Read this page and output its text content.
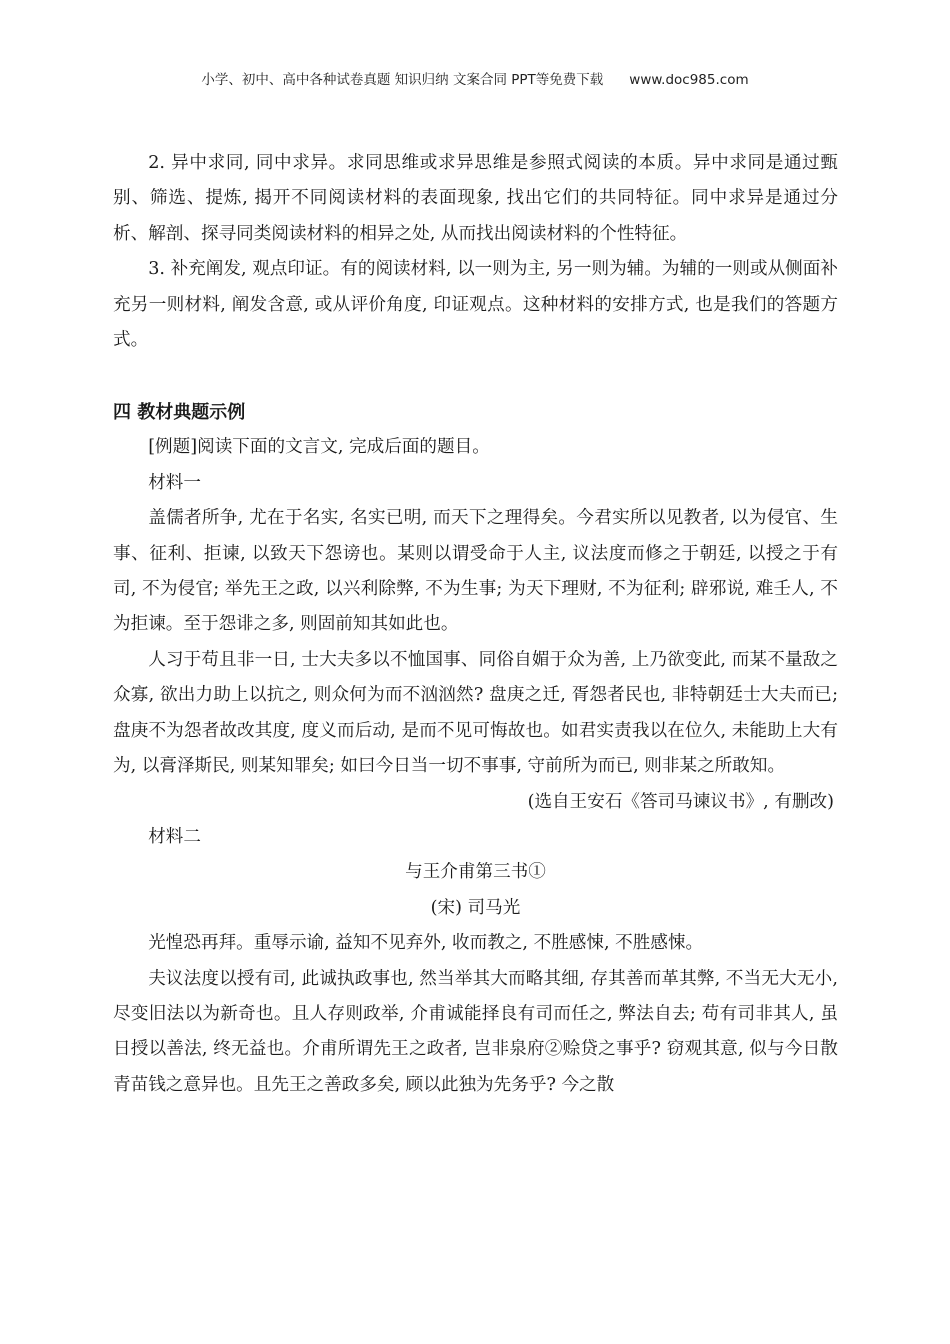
小学、初中、高中各种试卷真题 知识归纳 文案合同 PPT等免费下载 www.doc985.com

2. 异中求同, 同中求异。求同思维或求异思维是参照式阅读的本质。异中求同是通过甄别、筛选、提炼, 揭开不同阅读材料的表面现象, 找出它们的共同特征。同中求异是通过分析、解剖、探寻同类阅读材料的相异之处, 从而找出阅读材料的个性特征。

3. 补充阐发, 观点印证。有的阅读材料, 以一则为主, 另一则为辅。为辅的一则或从侧面补充另一则材料, 阐发含意, 或从评价角度, 印证观点。这种材料的安排方式, 也是我们的答题方式。

四 教材典题示例

[例题]阅读下面的文言文, 完成后面的题目。

材料一

盖儒者所争, 尤在于名实, 名实已明, 而天下之理得矣。今君实所以见教者, 以为侵官、生事、征利、拒谏, 以致天下怨谤也。某则以谓受命于人主, 议法度而修之于朝廷, 以授之于有司, 不为侵官; 举先王之政, 以兴利除弊, 不为生事; 为天下理财, 不为征利; 辟邪说, 难壬人, 不为拒谏。至于怨诽之多, 则固前知其如此也。

人习于苟且非一日, 士大夫多以不恤国事、同俗自媚于众为善, 上乃欲变此, 而某不量敌之众寡, 欲出力助上以抗之, 则众何为而不汹汹然? 盘庚之迁, 胥怨者民也, 非特朝廷士大夫而已; 盘庚不为怨者故改其度, 度义而后动, 是而不见可悔故也。如君实责我以在位久, 未能助上大有为, 以膏泽斯民, 则某知罪矣; 如曰今日当一切不事事, 守前所为而已, 则非某之所敢知。

(选自王安石《答司马谏议书》, 有删改)

材料二

与王介甫第三书①

(宋) 司马光

光惶恐再拜。重辱示谕, 益知不见弃外, 收而教之, 不胜感悚, 不胜感悚。

夫议法度以授有司, 此诚执政事也, 然当举其大而略其细, 存其善而革其弊, 不当无大无小, 尽变旧法以为新奇也。且人存则政举, 介甫诚能择良有司而任之, 弊法自去; 苟有司非其人, 虽日授以善法, 终无益也。介甫所谓先王之政者, 岂非泉府②赊贷之事乎? 窃观其意, 似与今日散青苗钱之意异也。且先王之善政多矣, 顾以此独为先务乎? 今之散
